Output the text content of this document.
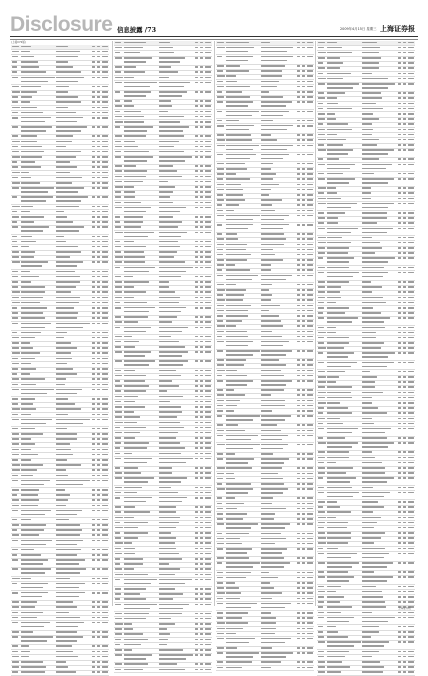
Disclosure 信息披露 /73	2009年4月15日 星期三 上海证券报
(上接C72版)
上海证券报
